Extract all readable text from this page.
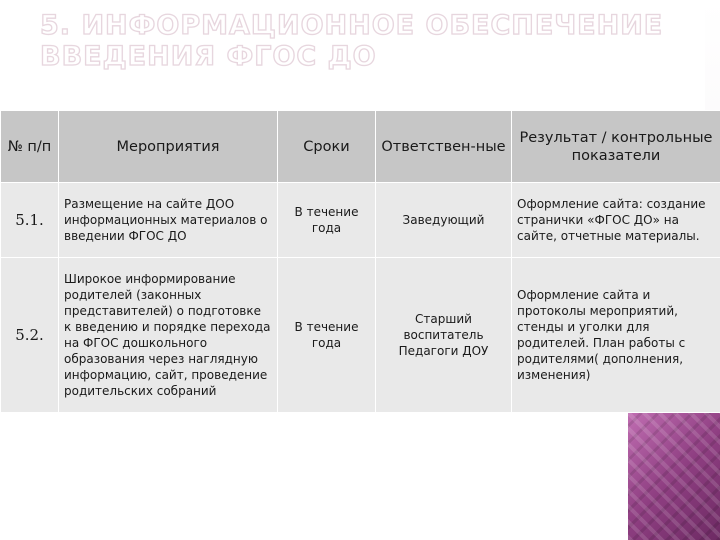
5. ИНФОРМАЦИОННОЕ ОБЕСПЕЧЕНИЕ
ВВЕДЕНИЯ ФГОС ДО
№ п/п	Мероприятия	Сроки	Ответствен-ные	Результат / контрольные показатели
5.1.	Размещение на сайте ДОО информационных материалов о введении ФГОС ДО	В течение года	Заведующий	Оформление сайта: создание странички «ФГОС ДО» на сайте, отчетные материалы.
5.2.	Широкое информирование родителей (законных представителей) о подготовке к введению и порядке перехода на ФГОС дошкольного образования через наглядную информацию, сайт, проведение родительских собраний	В течение года	Старший воспитатель Педагоги ДОУ	Оформление сайта и протоколы мероприятий, стенды и уголки для родителей. План работы с родителями( дополнения, изменения)
